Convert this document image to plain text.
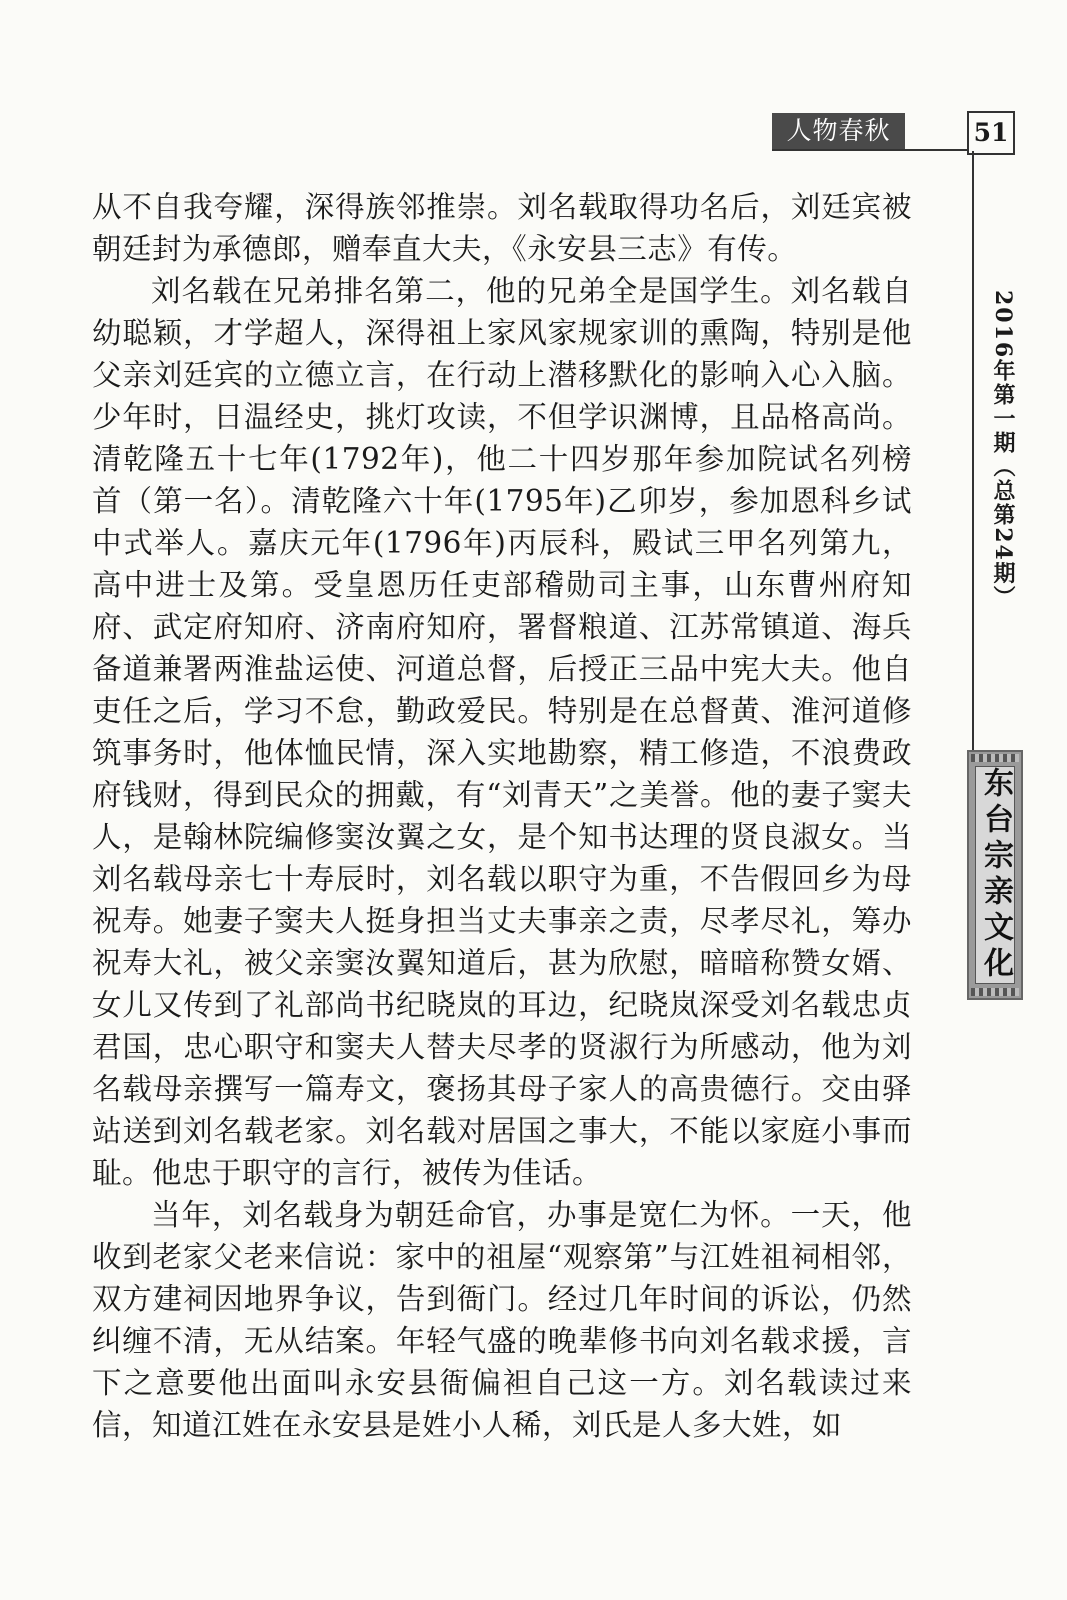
人物春秋	51
2016年第一期（总第24期）
东台宗亲文化

从不自我夸耀，深得族邻推崇。刘名载取得功名后，刘廷宾被朝廷封为承德郎，赠奉直大夫，《永安县三志》有传。

刘名载在兄弟排名第二，他的兄弟全是国学生。刘名载自幼聪颖，才学超人，深得祖上家风家规家训的熏陶，特别是他父亲刘廷宾的立德立言，在行动上潜移默化的影响入心入脑。少年时，日温经史，挑灯攻读，不但学识渊博，且品格高尚。清乾隆五十七年(1792年)，他二十四岁那年参加院试名列榜首（第一名）。清乾隆六十年(1795年)乙卯岁，参加恩科乡试中式举人。嘉庆元年(1796年)丙辰科，殿试三甲名列第九，高中进士及第。受皇恩历任吏部稽勋司主事，山东曹州府知府、武定府知府、济南府知府，署督粮道、江苏常镇道、海兵备道兼署两淮盐运使、河道总督，后授正三品中宪大夫。他自吏任之后，学习不怠，勤政爱民。特别是在总督黄、淮河道修筑事务时，他体恤民情，深入实地勘察，精工修造，不浪费政府钱财，得到民众的拥戴，有“刘青天”之美誉。他的妻子窦夫人，是翰林院编修窦汝翼之女，是个知书达理的贤良淑女。当刘名载母亲七十寿辰时，刘名载以职守为重，不告假回乡为母祝寿。她妻子窦夫人挺身担当丈夫事亲之责，尽孝尽礼，筹办祝寿大礼，被父亲窦汝翼知道后，甚为欣慰，暗暗称赞女婿、女儿又传到了礼部尚书纪晓岚的耳边，纪晓岚深受刘名载忠贞君国，忠心职守和窦夫人替夫尽孝的贤淑行为所感动，他为刘名载母亲撰写一篇寿文，褒扬其母子家人的高贵德行。交由驿站送到刘名载老家。刘名载对居国之事大，不能以家庭小事而耻。他忠于职守的言行，被传为佳话。

当年，刘名载身为朝廷命官，办事是宽仁为怀。一天，他收到老家父老来信说：家中的祖屋“观察第”与江姓祖祠相邻，双方建祠因地界争议，告到衙门。经过几年时间的诉讼，仍然纠缠不清，无从结案。年轻气盛的晚辈修书向刘名载求援，言下之意要他出面叫永安县衙偏袒自己这一方。刘名载读过来信，知道江姓在永安县是姓小人稀，刘氏是人多大姓，如
